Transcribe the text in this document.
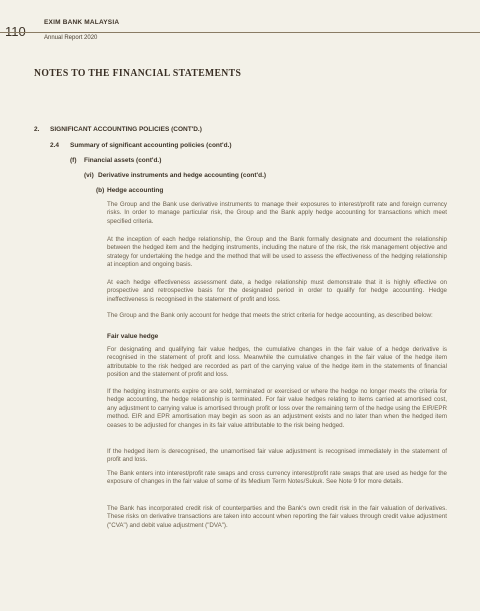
110
EXIM BANK MALAYSIA
Annual Report 2020
NOTES TO THE FINANCIAL STATEMENTS
2. SIGNIFICANT ACCOUNTING POLICIES (CONT'D.)
2.4 Summary of significant accounting policies (cont'd.)
(f) Financial assets (cont'd.)
(vi) Derivative instruments and hedge accounting (cont'd.)
(b) Hedge accounting
The Group and the Bank use derivative instruments to manage their exposures to interest/profit rate and foreign currency risks. In order to manage particular risk, the Group and the Bank apply hedge accounting for transactions which meet specified criteria.
At the inception of each hedge relationship, the Group and the Bank formally designate and document the relationship between the hedged item and the hedging instruments, including the nature of the risk, the risk management objective and strategy for undertaking the hedge and the method that will be used to assess the effectiveness of the hedging relationship at inception and ongoing basis.
At each hedge effectiveness assessment date, a hedge relationship must demonstrate that it is highly effective on prospective and retrospective basis for the designated period in order to qualify for hedge accounting. Hedge ineffectiveness is recognised in the statement of profit and loss.
The Group and the Bank only account for hedge that meets the strict criteria for hedge accounting, as described below:
Fair value hedge
For designating and qualifying fair value hedges, the cumulative changes in the fair value of a hedge derivative is recognised in the statement of profit and loss. Meanwhile the cumulative changes in the fair value of the hedge item attributable to the risk hedged are recorded as part of the carrying value of the hedge item in the statements of financial position and the statement of profit and loss.
If the hedging instruments expire or are sold, terminated or exercised or where the hedge no longer meets the criteria for hedge accounting, the hedge relationship is terminated. For fair value hedges relating to items carried at amortised cost, any adjustment to carrying value is amortised through profit or loss over the remaining term of the hedge using the EIR/EPR method. EIR and EPR amortisation may begin as soon as an adjustment exists and no later than when the hedged item ceases to be adjusted for changes in its fair value attributable to the risk being hedged.
If the hedged item is derecognised, the unamortised fair value adjustment is recognised immediately in the statement of profit and loss.
The Bank enters into interest/profit rate swaps and cross currency interest/profit rate swaps that are used as hedge for the exposure of changes in the fair value of some of its Medium Term Notes/Sukuk. See Note 9 for more details.
The Bank has incorporated credit risk of counterparties and the Bank's own credit risk in the fair valuation of derivatives. These risks on derivative transactions are taken into account when reporting the fair values through credit value adjustment ("CVA") and debit value adjustment ("DVA").
